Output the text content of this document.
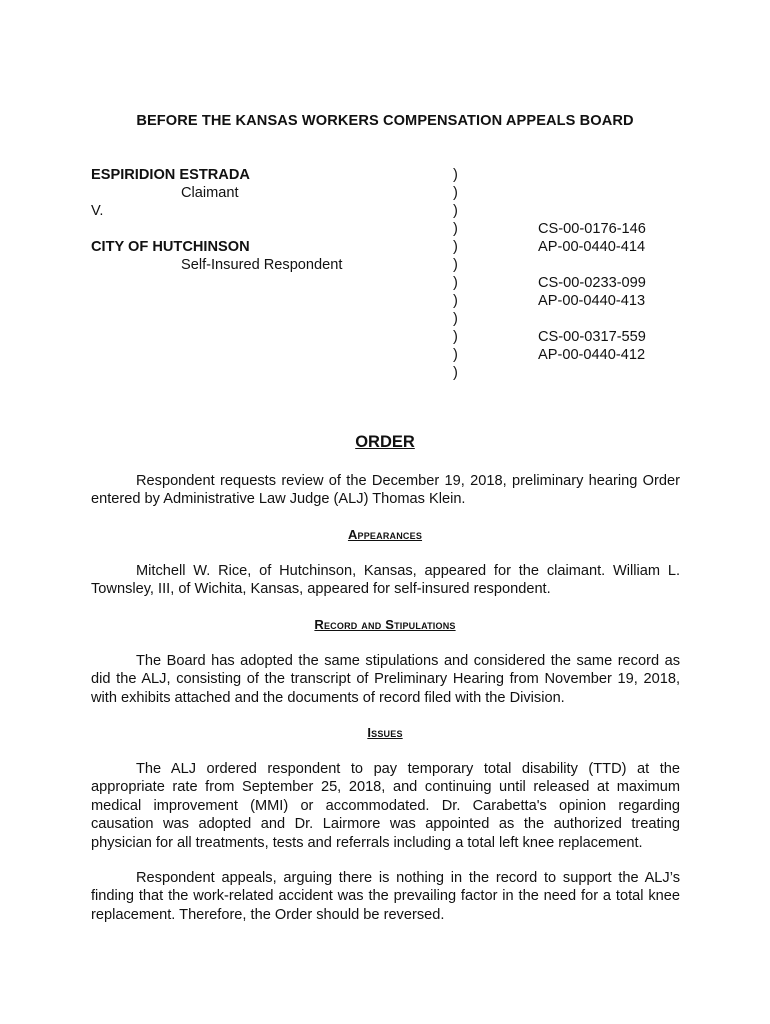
BEFORE THE KANSAS WORKERS COMPENSATION APPEALS BOARD
ESPIRIDION ESTRADA
Claimant
V.
CITY OF HUTCHINSON
Self-Insured Respondent
)
)
)
)
)
)
)
)
)
)
)
)
CS-00-0176-146
AP-00-0440-414
CS-00-0233-099
AP-00-0440-413
CS-00-0317-559
AP-00-0440-412
ORDER
Respondent requests review of the December 19, 2018, preliminary hearing Order entered by Administrative Law Judge (ALJ) Thomas Klein.
Appearances
Mitchell W. Rice, of Hutchinson, Kansas, appeared for the claimant. William L. Townsley, III, of Wichita, Kansas, appeared for self-insured respondent.
Record and Stipulations
The Board has adopted the same stipulations and considered the same record as did the ALJ, consisting of the transcript of Preliminary Hearing from November 19, 2018, with exhibits attached and the documents of record filed with the Division.
Issues
The ALJ ordered respondent to pay temporary total disability (TTD) at the appropriate rate from September 25, 2018, and continuing until released at maximum medical improvement (MMI) or accommodated. Dr. Carabetta's opinion regarding causation was adopted and Dr. Lairmore was appointed as the authorized treating physician for all treatments, tests and referrals including a total left knee replacement.
Respondent appeals, arguing there is nothing in the record to support the ALJ’s finding that the work-related accident was the prevailing factor in the need for a total knee replacement. Therefore, the Order should be reversed.
